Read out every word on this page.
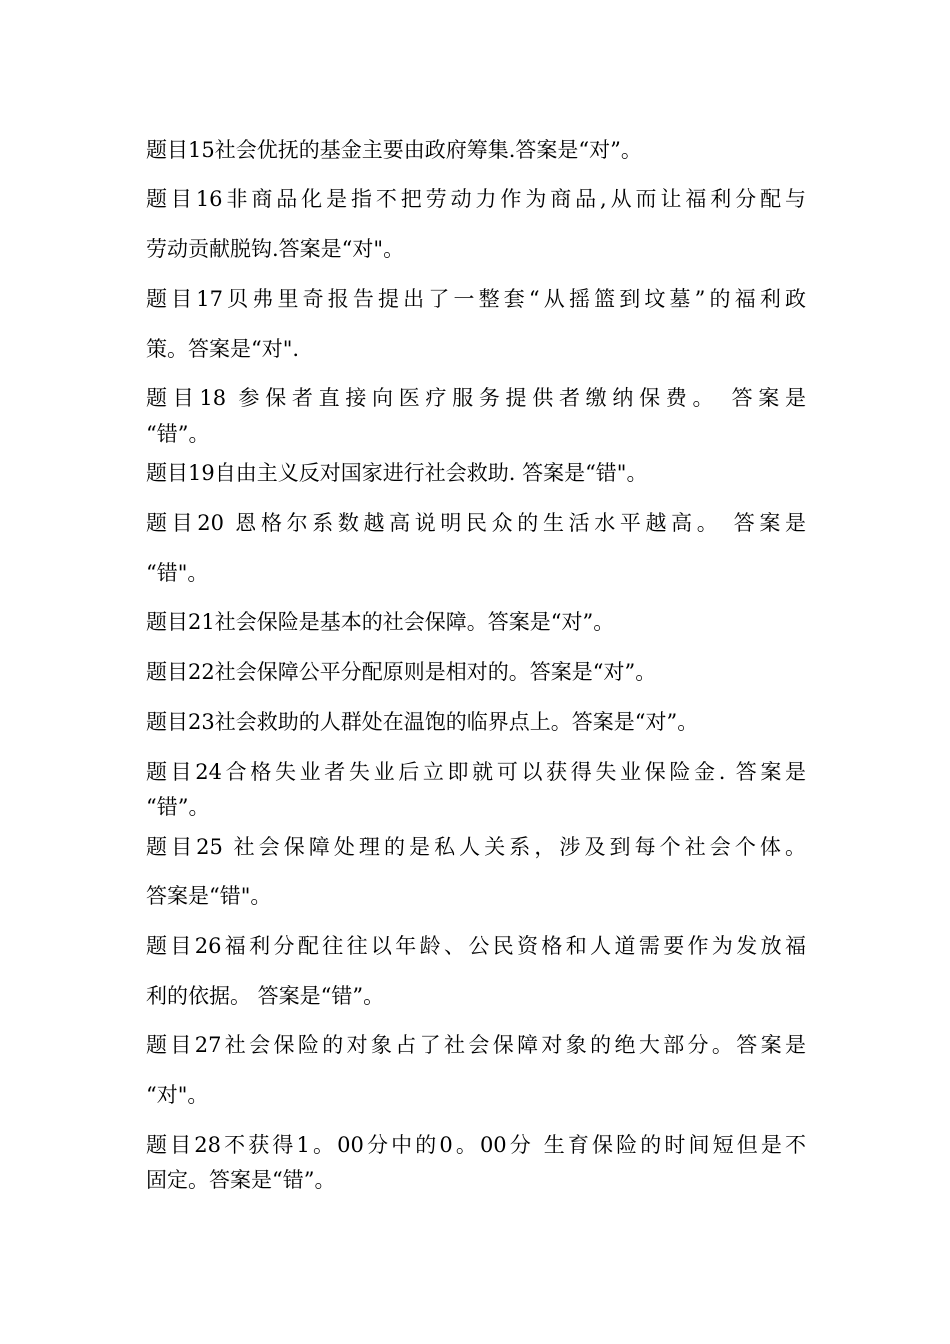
题目15社会优抚的基金主要由政府筹集.答案是“对”。
题目16非商品化是指不把劳动力作为商品,从而让福利分配与
劳动贡献脱钩.答案是“对"。
题目17贝弗里奇报告提出了一整套“从摇篮到坟墓”的福利政
策。答案是“对".
题目18 参保者直接向医疗服务提供者缴纳保费。 答案是
“错”。
题目19自由主义反对国家进行社会救助. 答案是“错"。
题目20 恩格尔系数越高说明民众的生活水平越高。 答案是
“错"。
题目21社会保险是基本的社会保障。答案是“对”。
题目22社会保障公平分配原则是相对的。答案是“对”。
题目23社会救助的人群处在温饱的临界点上。答案是“对”。
题目24合格失业者失业后立即就可以获得失业保险金. 答案是
“错”。
题目25 社会保障处理的是私人关系，涉及到每个社会个体。
答案是“错"。
题目26福利分配往往以年龄、公民资格和人道需要作为发放福
利的依据。 答案是“错”。
题目27社会保险的对象占了社会保障对象的绝大部分。答案是
“对"。
题目28不获得1。00分中的0。00分 生育保险的时间短但是不
固定。答案是“错”。
